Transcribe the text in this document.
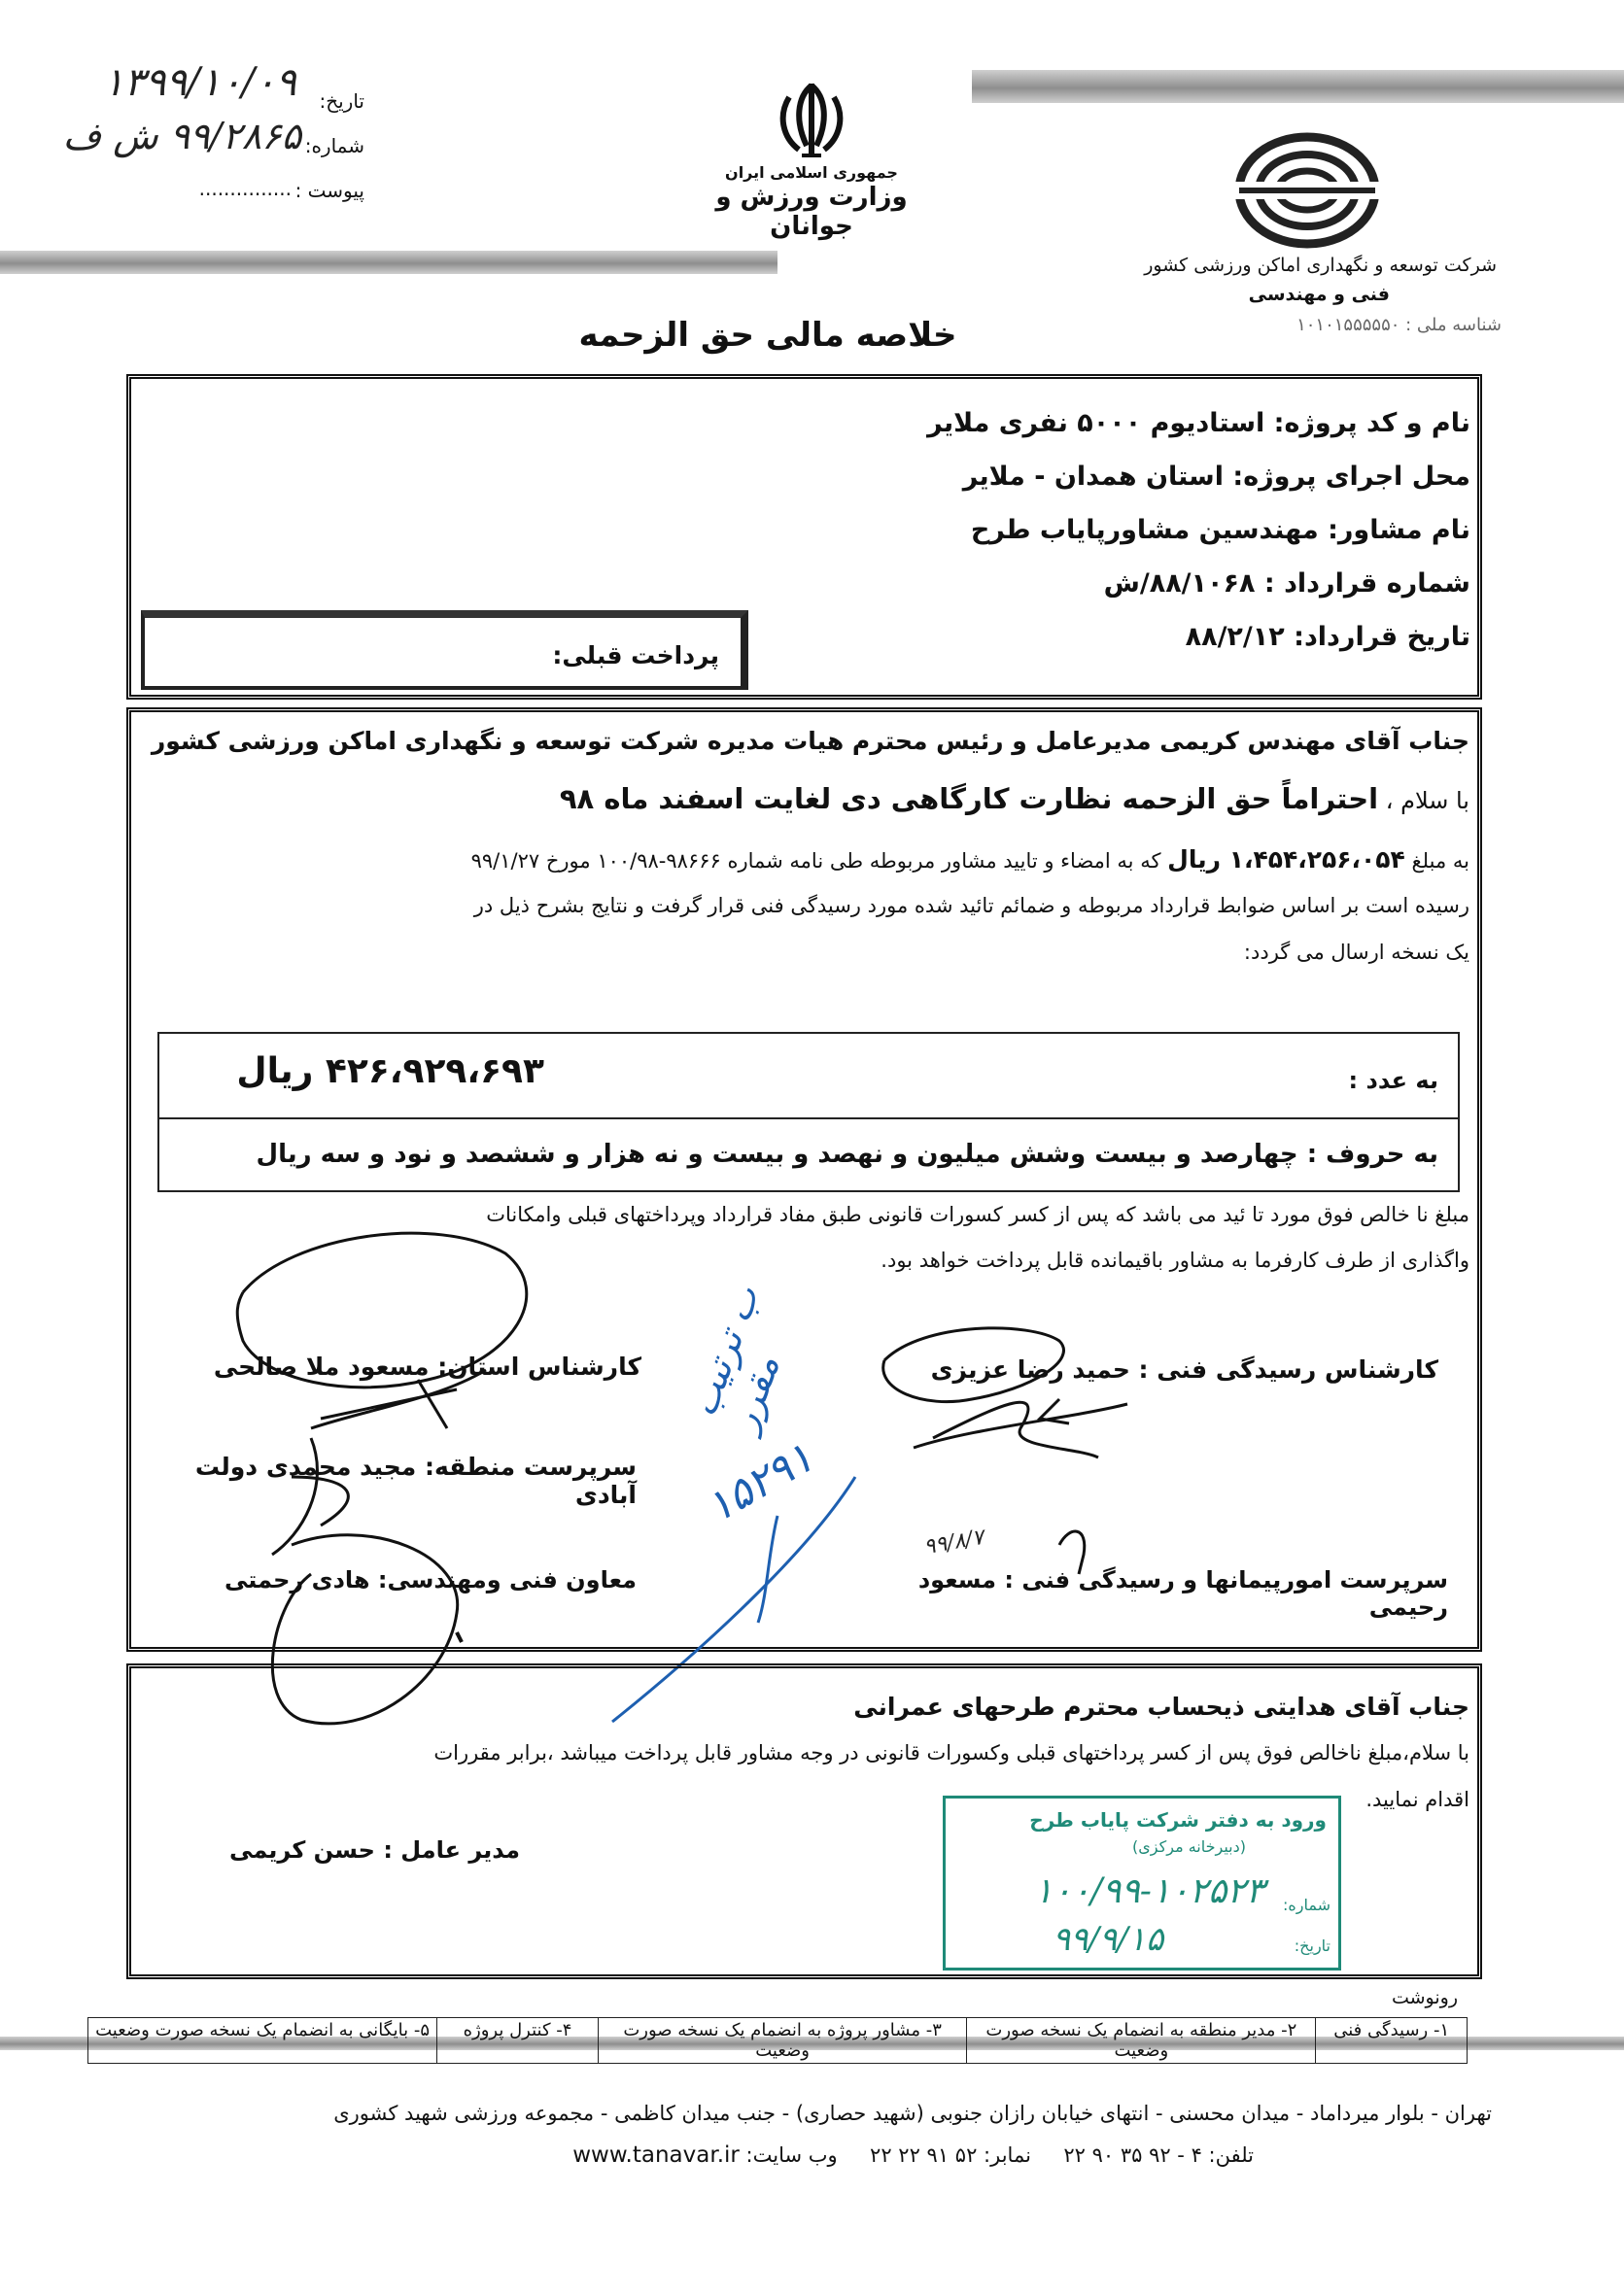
تاریخ:
۱۳۹۹/۱۰/۰۹
شماره:
۹۹/۲۸۶۵ ش ف
پیوست :
...............
جمهوری اسلامی ایران
وزارت ورزش و جوانان
شرکت توسعه و نگهداری اماکن ورزشی کشور
فنی و مهندسی
شناسه ملی : ۱۰۱۰۱۵۵۵۵۵۰
خلاصه مالی حق الزحمه
نام و کد پروژه: استادیوم ۵۰۰۰ نفری ملایر
محل اجرای پروژه: استان همدان - ملایر
نام مشاور: مهندسین مشاورپایاب طرح
شماره قرارداد : ۸۸/۱۰۶۸/ش
تاریخ قرارداد: ۸۸/۲/۱۲
پرداخت قبلی:
جناب آقای مهندس کریمی مدیرعامل و رئیس محترم هیات مدیره شرکت توسعه و نگهداری اماکن ورزشی کشور
با سلام ، احتراماً حق الزحمه نظارت کارگاهی دی لغایت اسفند ماه ۹۸
به مبلغ ۱،۴۵۴،۲۵۶،۰۵۴ ریال که به امضاء و تایید مشاور مربوطه طی نامه شماره ۹۸۶۶۶-۱۰۰/۹۸ مورخ ۹۹/۱/۲۷
رسیده است بر اساس ضوابط قرارداد مربوطه و ضمائم تائید شده مورد رسیدگی فنی قرار گرفت و نتایج بشرح ذیل در
یک نسخه ارسال می گردد:
به عدد :
۴۲۶،۹۲۹،۶۹۳ ریال
به حروف : چهارصد و بیست وشش میلیون و نهصد و بیست و نه هزار و ششصد و نود و سه ریال
مبلغ نا خالص فوق مورد تا ئید می باشد که پس از کسر کسورات قانونی طبق مفاد قرارداد وپرداختهای قبلی وامکانات
واگذاری از طرف کارفرما به مشاور باقیمانده قابل پرداخت خواهد بود.
کارشناس رسیدگی فنی : حمید رضا عزیزی
کارشناس استان: مسعود ملا صالحی
سرپرست منطقه: مجید محمدی دولت آبادی
سرپرست امورپیمانها و رسیدگی فنی : مسعود رحیمی
معاون فنی ومهندسی: هادی رحمتی
ب ترتیب مقرر
۱۵۲۹۱
۹۹/۸/۷
جناب آقای هدایتی ذیحساب محترم طرحهای عمرانی
با سلام،مبلغ ناخالص فوق پس از کسر پرداختهای قبلی وکسورات قانونی در وجه مشاور قابل پرداخت میباشد ،برابر مقررات
اقدام نمایید.
مدیر عامل : حسن کریمی
ورود به دفتر شرکت پایاب طرح
(دبیرخانه مرکزی)
شماره:
۱۰۰/۹۹-۱۰۲۵۲۳
تاریخ:
۹۹/۹/۱۵
رونوشت
۱- رسیدگی فنی	۲- مدیر منطقه به انضمام یک نسخه صورت وضعیت	۳- مشاور پروژه به انضمام یک نسخه صورت وضعیت	۴- کنترل پروژه	۵- بایگانی به انضمام یک نسخه صورت وضعیت
تهران - بلوار میرداماد - میدان محسنی - انتهای خیابان رازان جنوبی (شهید حصاری) - جنب میدان کاظمی - مجموعه ورزشی شهید کشوری
تلفن: ۴ - ۹۲ ۳۵ ۹۰ ۲۲  نمابر: ۵۲ ۹۱ ۲۲ ۲۲  وب سایت: www.tanavar.ir
